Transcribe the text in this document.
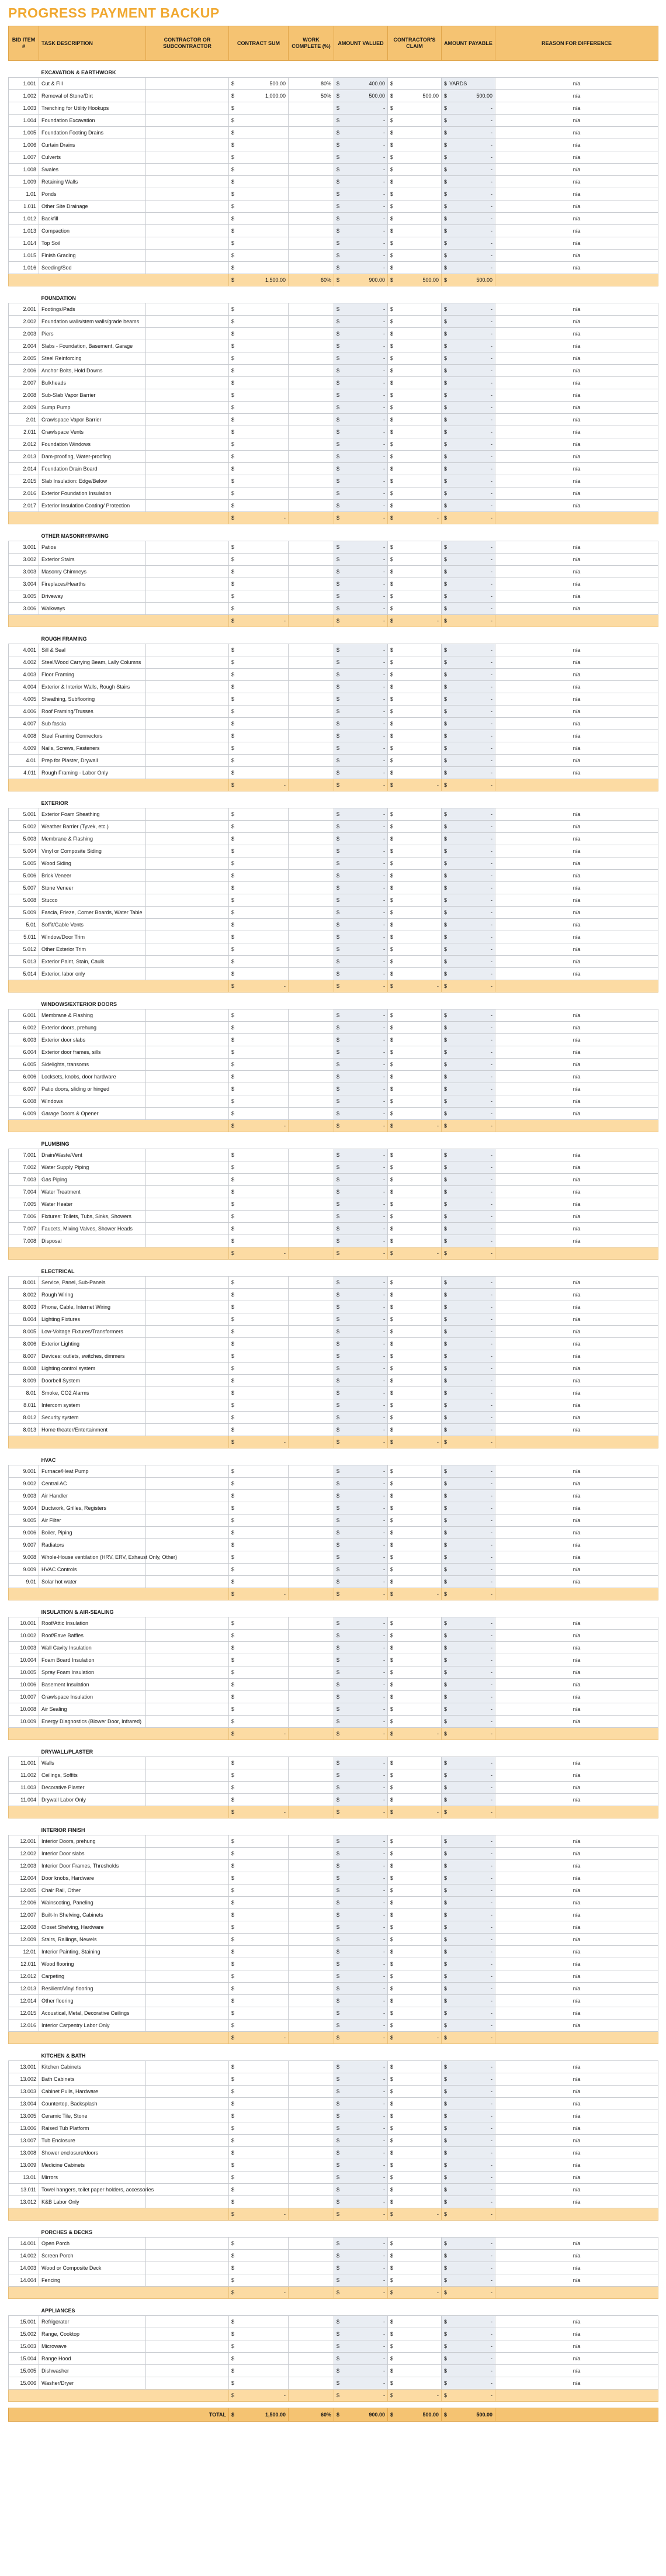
PROGRESS PAYMENT BACKUP
BID ITEM #	TASK DESCRIPTION	CONTRACTOR OR SUBCONTRACTOR	CONTRACT SUM	WORK COMPLETE (%)	AMOUNT VALUED	CONTRACTOR'S CLAIM	AMOUNT PAYABLE	REASON FOR DIFFERENCE
	EXCAVATION & EARTHWORK							
1.001	Cut & Fill		$ 500.00	80%	$ 400.00	$	$ YARDS	n/a
1.002	Removal of Stone/Dirt		$ 1,000.00	50%	$ 500.00	$ 500.00	$ 500.00	n/a
1.003	Trenching for Utility Hookups		$		$ -	$	$ -	n/a
1.004	Foundation Excavation		$		$ -	$	$ -	n/a
1.005	Foundation Footing Drains		$		$ -	$	$ -	n/a
1.006	Curtain Drains		$		$ -	$	$ -	n/a
1.007	Culverts		$		$ -	$	$ -	n/a
1.008	Swales		$		$ -	$	$ -	n/a
1.009	Retaining Walls		$		$ -	$	$ -	n/a
1.01	Ponds		$		$ -	$	$ -	n/a
1.011	Other Site Drainage		$		$ -	$	$ -	n/a
1.012	Backfill		$		$ -	$	$ -	n/a
1.013	Compaction		$		$ -	$	$ -	n/a
1.014	Top Soil		$		$ -	$	$ -	n/a
1.015	Finish Grading		$		$ -	$	$ -	n/a
1.016	Seeding/Sod		$		$ -	$	$ -	n/a

			$ 1,500.00	60%	$ 900.00	$ 500.00	$ 500.00	

	FOUNDATION							
2.001	Footings/Pads		$		$ -	$	$ -	n/a
2.002	Foundation walls/stem walls/grade beams		$		$ -	$	$ -	n/a
2.003	Piers		$		$ -	$	$ -	n/a
2.004	Slabs - Foundation, Basement, Garage		$		$ -	$	$ -	n/a
2.005	Steel Reinforcing		$		$ -	$	$ -	n/a
2.006	Anchor Bolts, Hold Downs		$		$ -	$	$ -	n/a
2.007	Bulkheads		$		$ -	$	$ -	n/a
2.008	Sub-Slab Vapor Barrier		$		$ -	$	$ -	n/a
2.009	Sump Pump		$		$ -	$	$ -	n/a
2.01	Crawlspace Vapor Barrier		$		$ -	$	$ -	n/a
2.011	Crawlspace Vents		$		$ -	$	$ -	n/a
2.012	Foundation Windows		$		$ -	$	$ -	n/a
2.013	Dam-proofing, Water-proofing		$		$ -	$	$ -	n/a
2.014	Foundation Drain Board		$		$ -	$	$ -	n/a
2.015	Slab Insulation: Edge/Below		$		$ -	$	$ -	n/a
2.016	Exterior Foundation Insulation		$		$ -	$	$ -	n/a
2.017	Exterior Insulation Coating/ Protection		$		$ -	$	$ -	n/a

			$ -		$ -	$ -	$ -	

	OTHER MASONRY/PAVING							
3.001	Patios		$		$ -	$	$ -	n/a
3.002	Exterior Stairs		$		$ -	$	$ -	n/a
3.003	Masonry Chimneys		$		$ -	$	$ -	n/a
3.004	Fireplaces/Hearths		$		$ -	$	$ -	n/a
3.005	Driveway		$		$ -	$	$ -	n/a
3.006	Walkways		$		$ -	$	$ -	n/a

			$ -		$ -	$ -	$ -	

	ROUGH FRAMING							
4.001	Sill & Seal		$		$ -	$	$ -	n/a
4.002	Steel/Wood Carrying Beam, Lally Columns		$		$ -	$	$ -	n/a
4.003	Floor Framing		$		$ -	$	$ -	n/a
4.004	Exterior & Interior Walls, Rough Stairs		$		$ -	$	$ -	n/a
4.005	Sheathing, Subflooring		$		$ -	$	$ -	n/a
4.006	Roof Framing/Trusses		$		$ -	$	$ -	n/a
4.007	Sub fascia		$		$ -	$	$ -	n/a
4.008	Steel Framing Connectors		$		$ -	$	$ -	n/a
4.009	Nails, Screws, Fasteners		$		$ -	$	$ -	n/a
4.01	Prep for Plaster, Drywall		$		$ -	$	$ -	n/a
4.011	Rough Framing - Labor Only		$		$ -	$	$ -	n/a

			$ -		$ -	$ -	$ -	

	EXTERIOR							
5.001	Exterior Foam Sheathing		$		$ -	$	$ -	n/a
5.002	Weather Barrier (Tyvek, etc.)		$		$ -	$	$ -	n/a
5.003	Membrane & Flashing		$		$ -	$	$ -	n/a
5.004	Vinyl or Composite Siding		$		$ -	$	$ -	n/a
5.005	Wood Siding		$		$ -	$	$ -	n/a
5.006	Brick Veneer		$		$ -	$	$ -	n/a
5.007	Stone Veneer		$		$ -	$	$ -	n/a
5.008	Stucco		$		$ -	$	$ -	n/a
5.009	Fascia, Frieze, Corner Boards, Water Table		$		$ -	$	$ -	n/a
5.01	Soffit/Gable Vents		$		$ -	$	$ -	n/a
5.011	Window/Door Trim		$		$ -	$	$ -	n/a
5.012	Other Exterior Trim		$		$ -	$	$ -	n/a
5.013	Exterior Paint, Stain, Caulk		$		$ -	$	$ -	n/a
5.014	Exterior, labor only		$		$ -	$	$ -	n/a

			$ -		$ -	$ -	$ -	

	WINDOWS/EXTERIOR DOORS							
6.001	Membrane & Flashing		$		$ -	$	$ -	n/a
6.002	Exterior doors, prehung		$		$ -	$	$ -	n/a
6.003	Exterior door slabs		$		$ -	$	$ -	n/a
6.004	Exterior door frames, sills		$		$ -	$	$ -	n/a
6.005	Sidelights, transoms		$		$ -	$	$ -	n/a
6.006	Locksets, knobs, door hardware		$		$ -	$	$ -	n/a
6.007	Patio doors, sliding or hinged		$		$ -	$	$ -	n/a
6.008	Windows		$		$ -	$	$ -	n/a
6.009	Garage Doors & Opener		$		$ -	$	$ -	n/a

			$ -		$ -	$ -	$ -	

	PLUMBING							
7.001	Drain/Waste/Vent		$		$ -	$	$ -	n/a
7.002	Water Supply Piping		$		$ -	$	$ -	n/a
7.003	Gas Piping		$		$ -	$	$ -	n/a
7.004	Water Treatment		$		$ -	$	$ -	n/a
7.005	Water Heater		$		$ -	$	$ -	n/a
7.006	Fixtures: Toilets, Tubs, Sinks, Showers		$		$ -	$	$ -	n/a
7.007	Faucets, Mixing Valves, Shower Heads		$		$ -	$	$ -	n/a
7.008	Disposal		$		$ -	$	$ -	n/a

			$ -		$ -	$ -	$ -	

	ELECTRICAL							
8.001	Service, Panel, Sub-Panels		$		$ -	$	$ -	n/a
8.002	Rough Wiring		$		$ -	$	$ -	n/a
8.003	Phone, Cable, Internet Wiring		$		$ -	$	$ -	n/a
8.004	Lighting Fixtures		$		$ -	$	$ -	n/a
8.005	Low-Voltage Fixtures/Transformers		$		$ -	$	$ -	n/a
8.006	Exterior Lighting		$		$ -	$	$ -	n/a
8.007	Devices: outlets, switches, dimmers		$		$ -	$	$ -	n/a
8.008	Lighting control system		$		$ -	$	$ -	n/a
8.009	Doorbell System		$		$ -	$	$ -	n/a
8.01	Smoke, CO2 Alarms		$		$ -	$	$ -	n/a
8.011	Intercom system		$		$ -	$	$ -	n/a
8.012	Security system		$		$ -	$	$ -	n/a
8.013	Home theater/Entertainment		$		$ -	$	$ -	n/a

			$ -		$ -	$ -	$ -	

	HVAC							
9.001	Furnace/Heat Pump		$		$ -	$	$ -	n/a
9.002	Central AC		$		$ -	$	$ -	n/a
9.003	Air Handler		$		$ -	$	$ -	n/a
9.004	Ductwork, Grilles, Registers		$		$ -	$	$ -	n/a
9.005	Air Filter		$		$ -	$	$ -	n/a
9.006	Boiler, Piping		$		$ -	$	$ -	n/a
9.007	Radiators		$		$ -	$	$ -	n/a
9.008	Whole-House ventilation (HRV, ERV, Exhaust Only, Other)		$		$ -	$	$ -	n/a
9.009	HVAC Controls		$		$ -	$	$ -	n/a
9.01	Solar hot water		$		$ -	$	$ -	n/a

			$ -		$ -	$ -	$ -	

	INSULATION & AIR-SEALING							
10.001	Roof/Attic Insulation		$		$ -	$	$ -	n/a
10.002	Roof/Eave Baffles		$		$ -	$	$ -	n/a
10.003	Wall Cavity Insulation		$		$ -	$	$ -	n/a
10.004	Foam Board Insulation		$		$ -	$	$ -	n/a
10.005	Spray Foam Insulation		$		$ -	$	$ -	n/a
10.006	Basement Insulation		$		$ -	$	$ -	n/a
10.007	Crawlspace Insulation		$		$ -	$	$ -	n/a
10.008	Air Sealing		$		$ -	$	$ -	n/a
10.009	Energy Diagnostics (Blower Door, Infrared)		$		$ -	$	$ -	n/a

			$ -		$ -	$ -	$ -	

	DRYWALL/PLASTER							
11.001	Walls		$		$ -	$	$ -	n/a
11.002	Ceilings, Soffits		$		$ -	$	$ -	n/a
11.003	Decorative Plaster		$		$ -	$	$ -	n/a
11.004	Drywall Labor Only		$		$ -	$	$ -	n/a

			$ -		$ -	$ -	$ -	

	INTERIOR FINISH							
12.001	Interior Doors, prehung		$		$ -	$	$ -	n/a
12.002	Interior Door slabs		$		$ -	$	$ -	n/a
12.003	Interior Door Frames, Thresholds		$		$ -	$	$ -	n/a
12.004	Door knobs, Hardware		$		$ -	$	$ -	n/a
12.005	Chair Rail, Other		$		$ -	$	$ -	n/a
12.006	Wainscoting, Paneling		$		$ -	$	$ -	n/a
12.007	Built-In Shelving, Cabinets		$		$ -	$	$ -	n/a
12.008	Closet Shelving, Hardware		$		$ -	$	$ -	n/a
12.009	Stairs, Railings, Newels		$		$ -	$	$ -	n/a
12.01	Interior Painting, Staining		$		$ -	$	$ -	n/a
12.011	Wood flooring		$		$ -	$	$ -	n/a
12.012	Carpeting		$		$ -	$	$ -	n/a
12.013	Resilient/Vinyl flooring		$		$ -	$	$ -	n/a
12.014	Other flooring		$		$ -	$	$ -	n/a
12.015	Acoustical, Metal, Decorative Ceilings		$		$ -	$	$ -	n/a
12.016	Interior Carpentry Labor Only		$		$ -	$	$ -	n/a

			$ -		$ -	$ -	$ -	

	KITCHEN & BATH							
13.001	Kitchen Cabinets		$		$ -	$	$ -	n/a
13.002	Bath Cabinets		$		$ -	$	$ -	n/a
13.003	Cabinet Pulls, Hardware		$		$ -	$	$ -	n/a
13.004	Countertop, Backsplash		$		$ -	$	$ -	n/a
13.005	Ceramic Tile, Stone		$		$ -	$	$ -	n/a
13.006	Raised Tub Platform		$		$ -	$	$ -	n/a
13.007	Tub Enclosure		$		$ -	$	$ -	n/a
13.008	Shower enclosure/doors		$		$ -	$	$ -	n/a
13.009	Medicine Cabinets		$		$ -	$	$ -	n/a
13.01	Mirrors		$		$ -	$	$ -	n/a
13.011	Towel hangers, toilet paper holders, accessories		$		$ -	$	$ -	n/a
13.012	K&B Labor Only		$		$ -	$	$ -	n/a

			$ -		$ -	$ -	$ -	

	PORCHES & DECKS							
14.001	Open Porch		$		$ -	$	$ -	n/a
14.002	Screen Porch		$		$ -	$	$ -	n/a
14.003	Wood or Composite Deck		$		$ -	$	$ -	n/a
14.004	Fencing		$		$ -	$	$ -	n/a

			$ -		$ -	$ -	$ -	

	APPLIANCES							
15.001	Refrigerator		$		$ -	$	$ -	n/a
15.002	Range, Cooktop		$		$ -	$	$ -	n/a
15.003	Microwave		$		$ -	$	$ -	n/a
15.004	Range Hood		$		$ -	$	$ -	n/a
15.005	Dishwasher		$		$ -	$	$ -	n/a
15.006	Washer/Dryer		$		$ -	$	$ -	n/a

			$ -		$ -	$ -	$ -	

TOTAL			$ 1,500.00	60%	$ 900.00	$ 500.00	$ 500.00	
